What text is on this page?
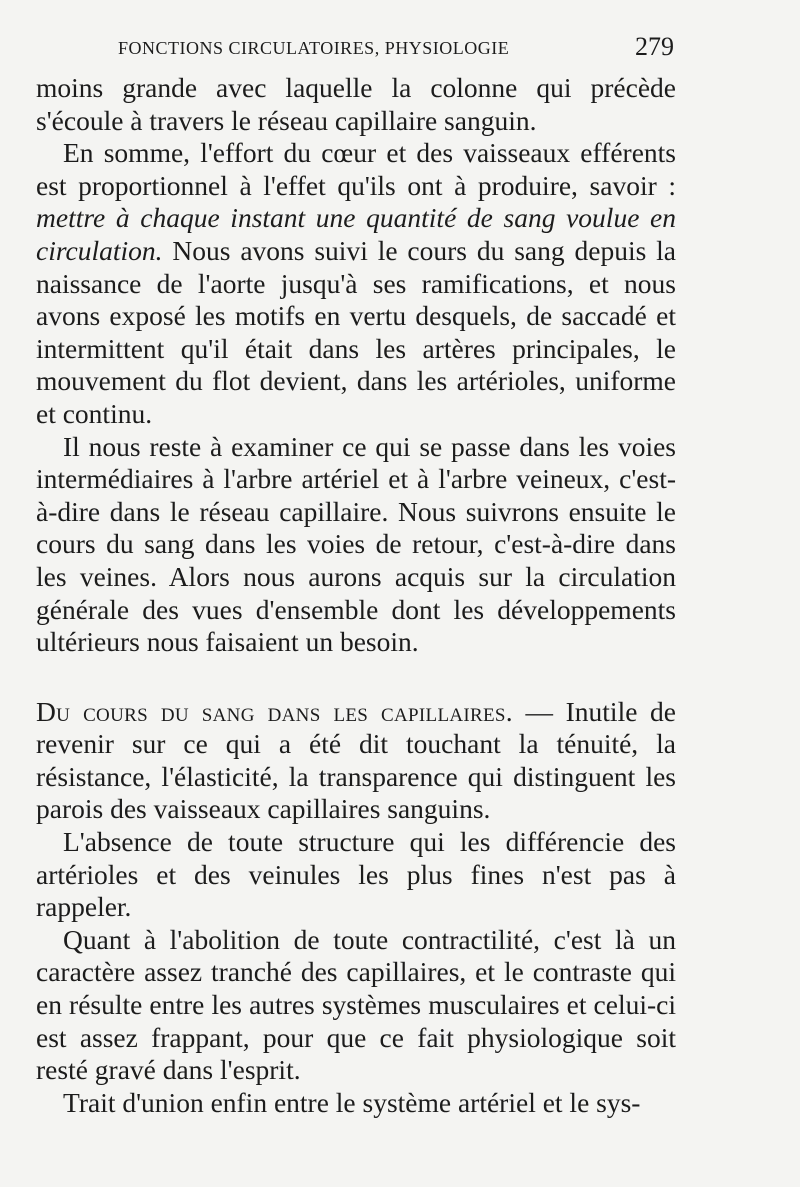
FONCTIONS CIRCULATOIRES, PHYSIOLOGIE	279

moins grande avec laquelle la colonne qui précède s'écoule à travers le réseau capillaire sanguin.

En somme, l'effort du cœur et des vaisseaux efférents est proportionnel à l'effet qu'ils ont à produire, savoir : mettre à chaque instant une quantité de sang voulue en circulation. Nous avons suivi le cours du sang depuis la naissance de l'aorte jusqu'à ses ramifications, et nous avons exposé les motifs en vertu desquels, de saccadé et intermittent qu'il était dans les artères principales, le mouvement du flot devient, dans les artérioles, uniforme et continu.

Il nous reste à examiner ce qui se passe dans les voies intermédiaires à l'arbre artériel et à l'arbre veineux, c'est-à-dire dans le réseau capillaire. Nous suivrons ensuite le cours du sang dans les voies de retour, c'est-à-dire dans les veines. Alors nous aurons acquis sur la circulation générale des vues d'ensemble dont les développements ultérieurs nous faisaient un besoin.

Du cours du sang dans les capillaires. — Inutile de revenir sur ce qui a été dit touchant la ténuité, la résistance, l'élasticité, la transparence qui distinguent les parois des vaisseaux capillaires sanguins.

L'absence de toute structure qui les différencie des artérioles et des veinules les plus fines n'est pas à rappeler.

Quant à l'abolition de toute contractilité, c'est là un caractère assez tranché des capillaires, et le contraste qui en résulte entre les autres systèmes musculaires et celui-ci est assez frappant, pour que ce fait physiologique soit resté gravé dans l'esprit.

Trait d'union enfin entre le système artériel et le sys-
